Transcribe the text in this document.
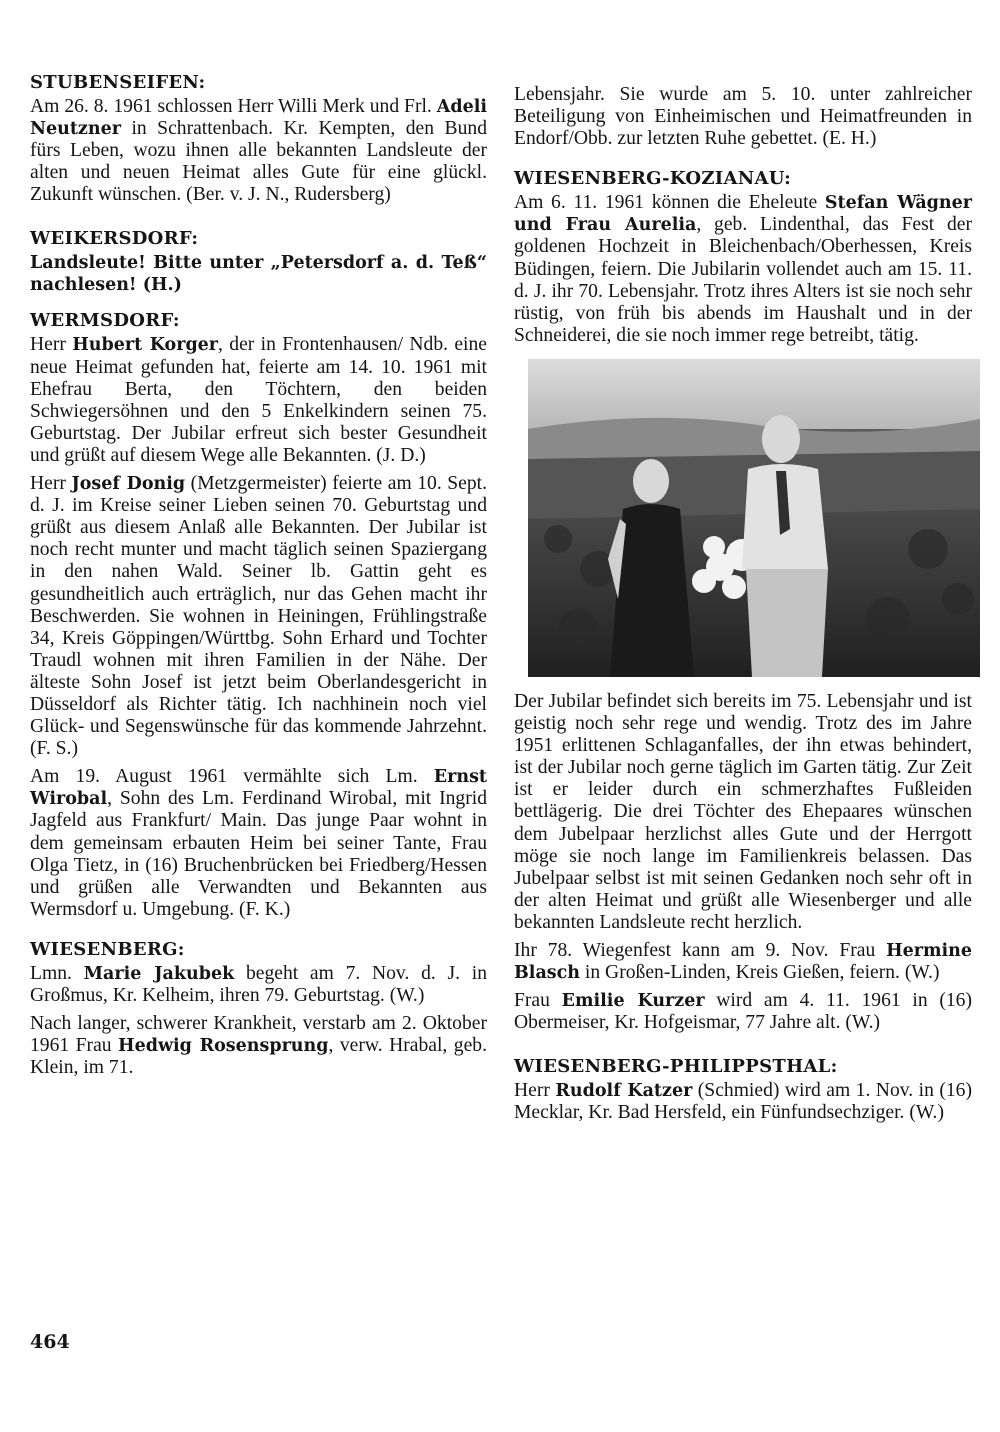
STUBENSEIFEN:
Am 26. 8. 1961 schlossen Herr Willi Merk und Frl. Adeli Neutzner in Schrattenbach. Kr. Kempten, den Bund fürs Leben, wozu ihnen alle bekannten Landsleute der alten und neuen Heimat alles Gute für eine glückl. Zukunft wünschen. (Ber. v. J. N., Rudersberg)
WEIKERSDORF:
Landsleute! Bitte unter „Petersdorf a. d. Teß“ nachlesen! (H.)
WERMSDORF:
Herr Hubert Korger, der in Frontenhausen/ Ndb. eine neue Heimat gefunden hat, feierte am 14. 10. 1961 mit Ehefrau Berta, den Töchtern, den beiden Schwiegersöhnen und den 5 Enkelkindern seinen 75. Geburtstag. Der Jubilar erfreut sich bester Gesundheit und grüßt auf diesem Wege alle Bekannten. (J. D.)
Herr Josef Donig (Metzgermeister) feierte am 10. Sept. d. J. im Kreise seiner Lieben seinen 70. Geburtstag und grüßt aus diesem Anlaß alle Bekannten. Der Jubilar ist noch recht munter und macht täglich seinen Spaziergang in den nahen Wald. Seiner lb. Gattin geht es gesundheitlich auch erträglich, nur das Gehen macht ihr Beschwerden. Sie wohnen in Heiningen, Frühlingstraße 34, Kreis Göppingen/Württbg. Sohn Erhard und Tochter Traudl wohnen mit ihren Familien in der Nähe. Der älteste Sohn Josef ist jetzt beim Oberlandesgericht in Düsseldorf als Richter tätig. Ich nachhinein noch viel Glück- und Segenswünsche für das kommende Jahrzehnt. (F. S.)
Am 19. August 1961 vermählte sich Lm. Ernst Wirobal, Sohn des Lm. Ferdinand Wirobal, mit Ingrid Jagfeld aus Frankfurt/ Main. Das junge Paar wohnt in dem gemeinsam erbauten Heim bei seiner Tante, Frau Olga Tietz, in (16) Bruchenbrücken bei Friedberg/Hessen und grüßen alle Verwandten und Bekannten aus Wermsdorf u. Umgebung. (F. K.)
WIESENBERG:
Lmn. Marie Jakubek begeht am 7. Nov. d. J. in Großmus, Kr. Kelheim, ihren 79. Geburtstag. (W.)
Nach langer, schwerer Krankheit, verstarb am 2. Oktober 1961 Frau Hedwig Rosensprung, verw. Hrabal, geb. Klein, im 71.
Lebensjahr. Sie wurde am 5. 10. unter zahlreicher Beteiligung von Einheimischen und Heimatfreunden in Endorf/Obb. zur letzten Ruhe gebettet. (E. H.)
WIESENBERG-KOZIANAU:
Am 6. 11. 1961 können die Eheleute Stefan Wägner und Frau Aurelia, geb. Lindenthal, das Fest der goldenen Hochzeit in Bleichenbach/Oberhessen, Kreis Büdingen, feiern. Die Jubilarin vollendet auch am 15. 11. d. J. ihr 70. Lebensjahr. Trotz ihres Alters ist sie noch sehr rüstig, von früh bis abends im Haushalt und in der Schneiderei, die sie noch immer rege betreibt, tätig.
Der Jubilar befindet sich bereits im 75. Lebensjahr und ist geistig noch sehr rege und wendig. Trotz des im Jahre 1951 erlittenen Schlaganfalles, der ihn etwas behindert, ist der Jubilar noch gerne täglich im Garten tätig. Zur Zeit ist er leider durch ein schmerzhaftes Fußleiden bettlägerig. Die drei Töchter des Ehepaares wünschen dem Jubelpaar herzlichst alles Gute und der Herrgott möge sie noch lange im Familienkreis belassen. Das Jubelpaar selbst ist mit seinen Gedanken noch sehr oft in der alten Heimat und grüßt alle Wiesenberger und alle bekannten Landsleute recht herzlich.
Ihr 78. Wiegenfest kann am 9. Nov. Frau Hermine Blasch in Großen-Linden, Kreis Gießen, feiern. (W.)
Frau Emilie Kurzer wird am 4. 11. 1961 in (16) Obermeiser, Kr. Hofgeismar, 77 Jahre alt. (W.)
WIESENBERG-PHILIPPSTHAL:
Herr Rudolf Katzer (Schmied) wird am 1. Nov. in (16) Mecklar, Kr. Bad Hersfeld, ein Fünfundsechziger. (W.)
464
